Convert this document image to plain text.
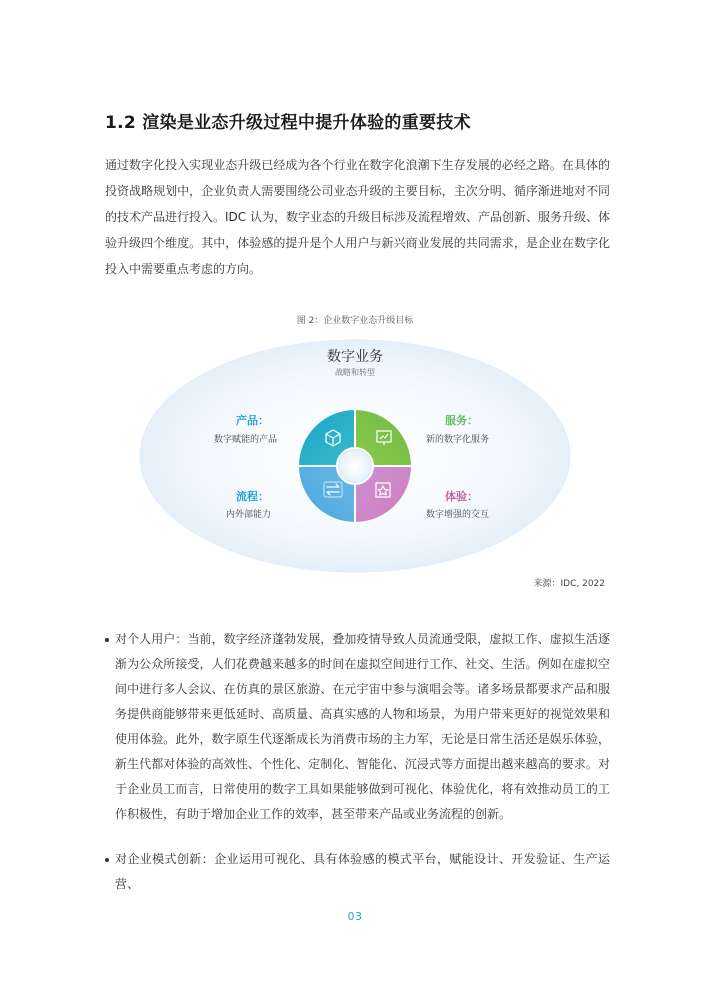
1.2 渲染是业态升级过程中提升体验的重要技术
通过数字化投入实现业态升级已经成为各个行业在数字化浪潮下生存发展的必经之路。在具体的投资战略规划中，企业负责人需要围绕公司业态升级的主要目标，主次分明、循序渐进地对不同的技术产品进行投入。IDC 认为，数字业态的升级目标涉及流程增效、产品创新、服务升级、体验升级四个维度。其中，体验感的提升是个人用户与新兴商业发展的共同需求，是企业在数字化投入中需要重点考虑的方向。
图 2：企业数字业态升级目标
数字业务
战略和转型
产品：
数字赋能的产品
服务：
新的数字化服务
流程：
内外部能力
体验：
数字增强的交互
来源：IDC, 2022
对个人用户：当前，数字经济蓬勃发展，叠加疫情导致人员流通受限，虚拟工作、虚拟生活逐渐为公众所接受，人们花费越来越多的时间在虚拟空间进行工作、社交、生活。例如在虚拟空间中进行多人会议、在仿真的景区旅游、在元宇宙中参与演唱会等。诸多场景都要求产品和服务提供商能够带来更低延时、高质量、高真实感的人物和场景，为用户带来更好的视觉效果和使用体验。此外，数字原生代逐渐成长为消费市场的主力军，无论是日常生活还是娱乐体验，新生代都对体验的高效性、个性化、定制化、智能化、沉浸式等方面提出越来越高的要求。对于企业员工而言，日常使用的数字工具如果能够做到可视化、体验优化，将有效推动员工的工作积极性，有助于增加企业工作的效率，甚至带来产品或业务流程的创新。
对企业模式创新：企业运用可视化、具有体验感的模式平台，赋能设计、开发验证、生产运营、
03
